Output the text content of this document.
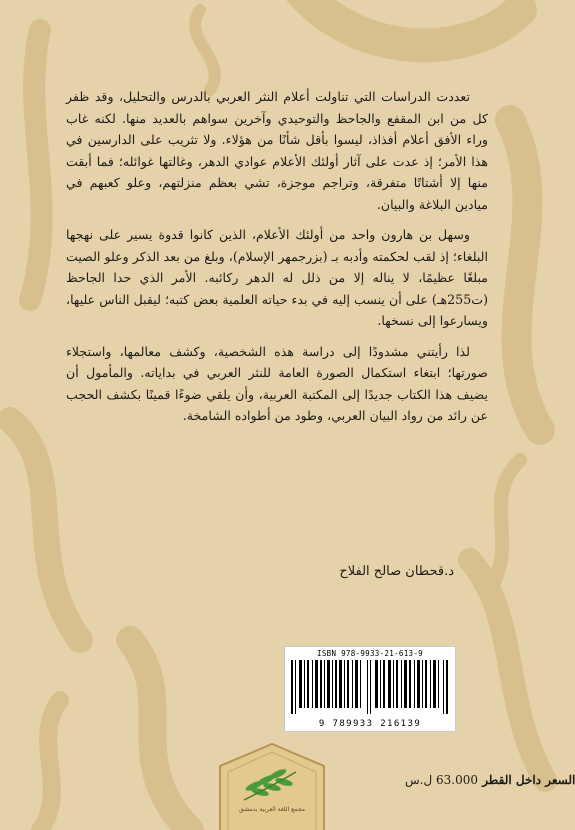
تعددت الدراسات التي تناولت أعلام النثر العربي بالدرس والتحليل، وقد ظفر كل من ابن المقفع والجاحظ والتوحيدي وآخرين سواهم بالعديد منها. لكنه غاب وراء الأفق أعلام أفذاذ، ليسوا بأقل شأنًا من هؤلاء. ولا تثريب على الدارسين في هذا الأمر؛ إذ عدت على آثار أولئك الأعلام عوادي الدهر، وغالتها غوائله؛ فما أبقت منها إلا أشتاتًا متفرقة، وتراجم موجزة، تشي بعظم منزلتهم، وعلو كعبهم في ميادين البلاغة والبيان.

وسهل بن هارون واحد من أولئك الأعلام، الذين كانوا قدوة يسير على نهجها البلغاء؛ إذ لقب لحكمته وأدبه بـ (بزرجمهر الإسلام)، وبلغ من بعد الذكر وعلو الصيت مبلغًا عظيمًا، لا يناله إلا من ذلل له الدهر ركائبه. الأمر الذي حدا الجاحظ (ت255هـ) على أن ينسب إليه في بدء حياته العلمية بعض كتبه؛ ليقبل الناس عليها، ويسارعوا إلى نسخها.

لذا رأيتني مشدودًا إلى دراسة هذه الشخصية، وكشف معالمها، واستجلاء صورتها؛ ابتغاء استكمال الصورة العامة للنثر العربي في بداياته. والمأمول أن يضيف هذا الكتاب جديدًا إلى المكتبة العربية، وأن يلقي ضوءًا قمينًا بكشف الحجب عن رائد من رواد البيان العربي، وطود من أطواده الشامخة.

د.قحطان صالح الفلاح
ISBN 978-9933-21-613-9
9 789933 216139
مجمع اللغة العربية بدمشق
السعر داخل القطر 63.000 ل.س
